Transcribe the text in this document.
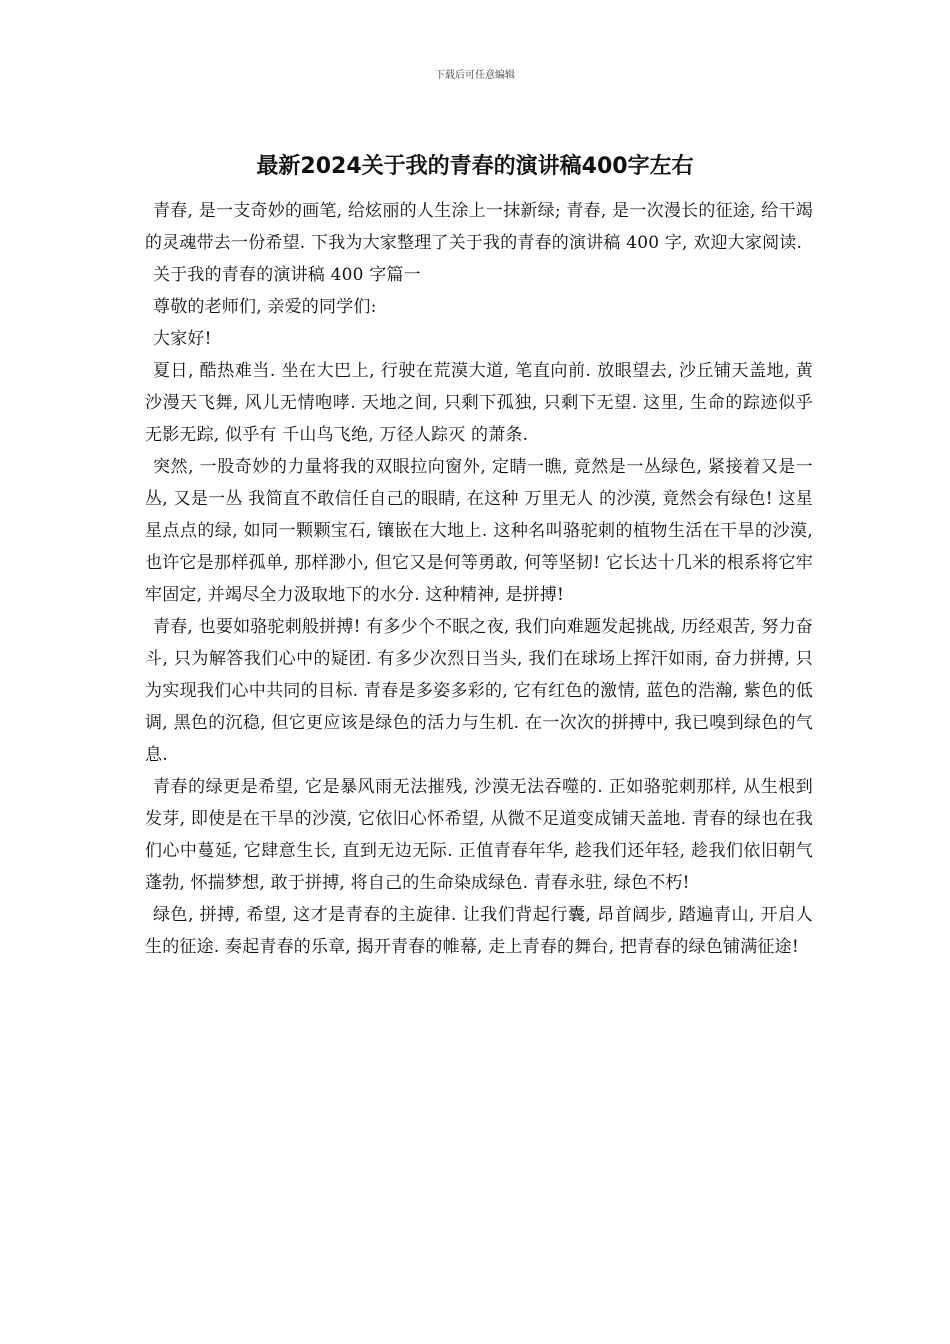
下载后可任意编辑
最新2024关于我的青春的演讲稿400字左右

青春, 是一支奇妙的画笔, 给炫丽的人生涂上一抹新绿; 青春, 是一次漫长的征途, 给干竭的灵魂带去一份希望. 下我为大家整理了关于我的青春的演讲稿 400 字, 欢迎大家阅读.

关于我的青春的演讲稿 400 字篇一

尊敬的老师们, 亲爱的同学们:

大家好!

夏日, 酷热难当. 坐在大巴上, 行驶在荒漠大道, 笔直向前. 放眼望去, 沙丘铺天盖地, 黄沙漫天飞舞, 风儿无情咆哮. 天地之间, 只剩下孤独, 只剩下无望. 这里, 生命的踪迹似乎无影无踪, 似乎有 千山鸟飞绝, 万径人踪灭 的萧条.

突然, 一股奇妙的力量将我的双眼拉向窗外, 定睛一瞧, 竟然是一丛绿色, 紧接着又是一丛, 又是一丛 我简直不敢信任自己的眼睛, 在这种 万里无人 的沙漠, 竟然会有绿色! 这星星点点的绿, 如同一颗颗宝石, 镶嵌在大地上. 这种名叫骆驼刺的植物生活在干旱的沙漠, 也许它是那样孤单, 那样渺小, 但它又是何等勇敢, 何等坚韧! 它长达十几米的根系将它牢牢固定, 并竭尽全力汲取地下的水分. 这种精神, 是拼搏!

青春, 也要如骆驼刺般拼搏! 有多少个不眠之夜, 我们向难题发起挑战, 历经艰苦, 努力奋斗, 只为解答我们心中的疑团. 有多少次烈日当头, 我们在球场上挥汗如雨, 奋力拼搏, 只为实现我们心中共同的目标. 青春是多姿多彩的, 它有红色的激情, 蓝色的浩瀚, 紫色的低调, 黑色的沉稳, 但它更应该是绿色的活力与生机. 在一次次的拼搏中, 我已嗅到绿色的气息.

青春的绿更是希望, 它是暴风雨无法摧残, 沙漠无法吞噬的. 正如骆驼刺那样, 从生根到发芽, 即使是在干旱的沙漠, 它依旧心怀希望, 从微不足道变成铺天盖地. 青春的绿也在我们心中蔓延, 它肆意生长, 直到无边无际. 正值青春年华, 趁我们还年轻, 趁我们依旧朝气蓬勃, 怀揣梦想, 敢于拼搏, 将自己的生命染成绿色. 青春永驻, 绿色不朽!

绿色, 拼搏, 希望, 这才是青春的主旋律. 让我们背起行囊, 昂首阔步, 踏遍青山, 开启人生的征途. 奏起青春的乐章, 揭开青春的帷幕, 走上青春的舞台, 把青春的绿色铺满征途!
